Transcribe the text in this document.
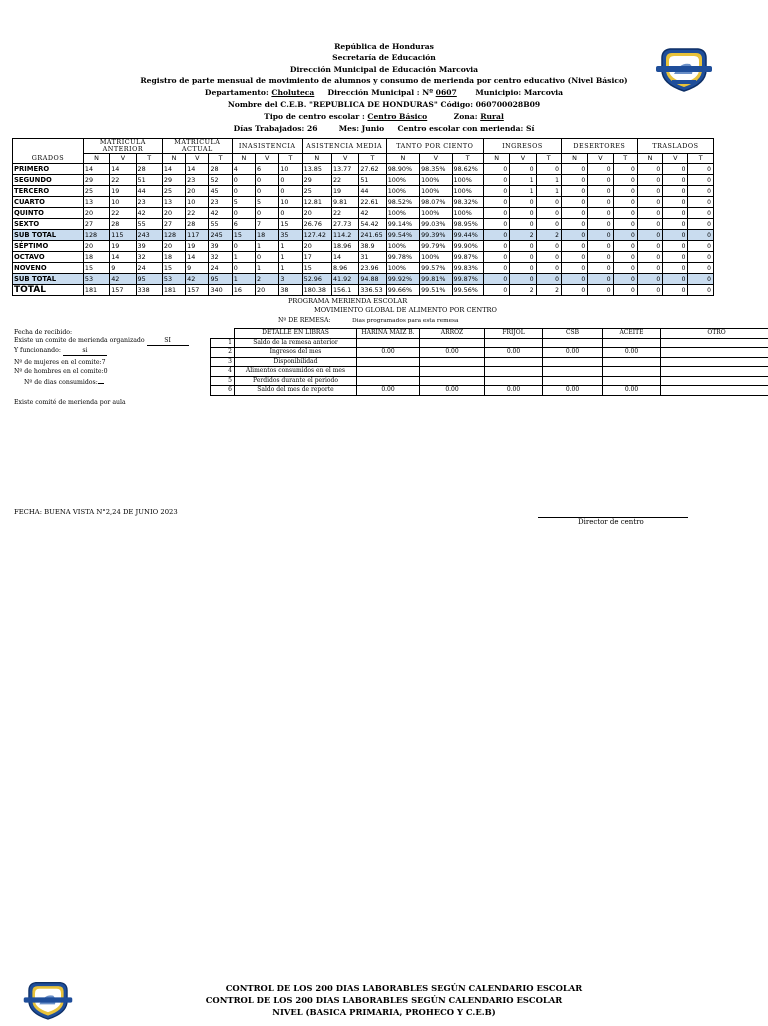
República de Honduras
Secretaría de Educación
Dirección Municipal de Educación Marcovia
Registro de parte mensual de movimiento de alumnos y consumo de merienda por centro educativo (Nivel Básico)
Departamento: Choluteca Dirección Municipal : Nº 0607 Municipio: Marcovia
Nombre del C.E.B. "REPUBLICA DE HONDURAS" Código: 060700028B09
Tipo de centro escolar : Centro Básico	Zona: Rural
Días Trabajados: 26	Mes: Junio Centro escolar con merienda: Sí
GRADOS	MATRICULA ANTERIOR			MATRICULA ACTUAL			INASISTENCIA			ASISTENCIA MEDIA			TANTO POR CIENTO			INGRESOS			DESERTORES			TRASLADOS		
	N	V	T	N	V	T	N	V	T	N	V	T	N	V	T	N	V	T	N	V	T	N	V	T
PRIMERO	14	14	28	14	14	28	4	6	10	13.85	13.77	27.62	98.90%	98.35%	98.62%	0	0	0	0	0	0	0	0	0
SEGUNDO	29	22	51	29	23	52	0	0	0	29	22	51	100%	100%	100%	0	1	1	0	0	0	0	0	0
TERCERO	25	19	44	25	20	45	0	0	0	25	19	44	100%	100%	100%	0	1	1	0	0	0	0	0	0
CUARTO	13	10	23	13	10	23	5	5	10	12.81	9.81	22.61	98.52%	98.07%	98.32%	0	0	0	0	0	0	0	0	0
QUINTO	20	22	42	20	22	42	0	0	0	20	22	42	100%	100%	100%	0	0	0	0	0	0	0	0	0
SEXTO	27	28	55	27	28	55	6	7	15	26.76	27.73	54.42	99.14%	99.03%	98.95%	0	0	0	0	0	0	0	0	0
SUB TOTAL	128	115	243	128	117	245	15	18	35	127.42	114.2	241.65	99.54%	99.39%	99.44%	0	2	2	0	0	0	0	0	0
SÉPTIMO	20	19	39	20	19	39	0	1	1	20	18.96	38.9	100%	99.79%	99.90%	0	0	0	0	0	0	0	0	0
OCTAVO	18	14	32	18	14	32	1	0	1	17	14	31	99.78%	100%	99.87%	0	0	0	0	0	0	0	0	0
NOVENO	15	9	24	15	9	24	0	1	1	15	8.96	23.96	100%	99.57%	99.83%	0	0	0	0	0	0	0	0	0
SUB TOTAL	53	42	95	53	42	95	1	2	3	52.96	41.92	94.88	99.92%	99.81%	99.87%	0	0	0	0	0	0	0	0	0
TOTAL	181	157	338	181	157	340	16	20	38	180.38	156.1	336.53	99.66%	99.51%	99.56%	0	2	2	0	0	0	0	0	0
PROGRAMA MERIENDA ESCOLAR
MOVIMIENTO GLOBAL DE ALIMENTO POR CENTRO
Nº DE REMESA:	Dias programados para esta remesa
Fecha de recibido:
Existe un comite de merienda organizado	SI
Y funcionando:	si
Nº de mujeres en el comite:7
Nº de hombres en el comite:0
Nº de dias consumidos:
Existe comité de merienda por aula
	DETALLE EN LIBRAS	HARINA MAIZ B.	ARROZ	FRIJOL	CSB	ACEITE	OTRO
1	Saldo de la remesa anterior						
2	Ingresos del mes	0.00	0.00	0.00	0.00	0.00	
3	Disponibilidad						
4	Alimentos consumidos en el mes						
5	Perdidos durante el periodo						
6	Saldo del mes de reporte	0.00	0.00	0.00	0.00	0.00	
FECHA: BUENA VISTA N°2,24 DE JUNIO 2023
Director de centro
CONTROL DE LOS 200 DIAS LABORABLES SEGÚN CALENDARIO ESCOLAR
CONTROL DE LOS 200 DIAS LABORABLES SEGÚN CALENDARIO ESCOLAR
NIVEL (BASICA PRIMARIA, PROHECO Y C.E.B)
